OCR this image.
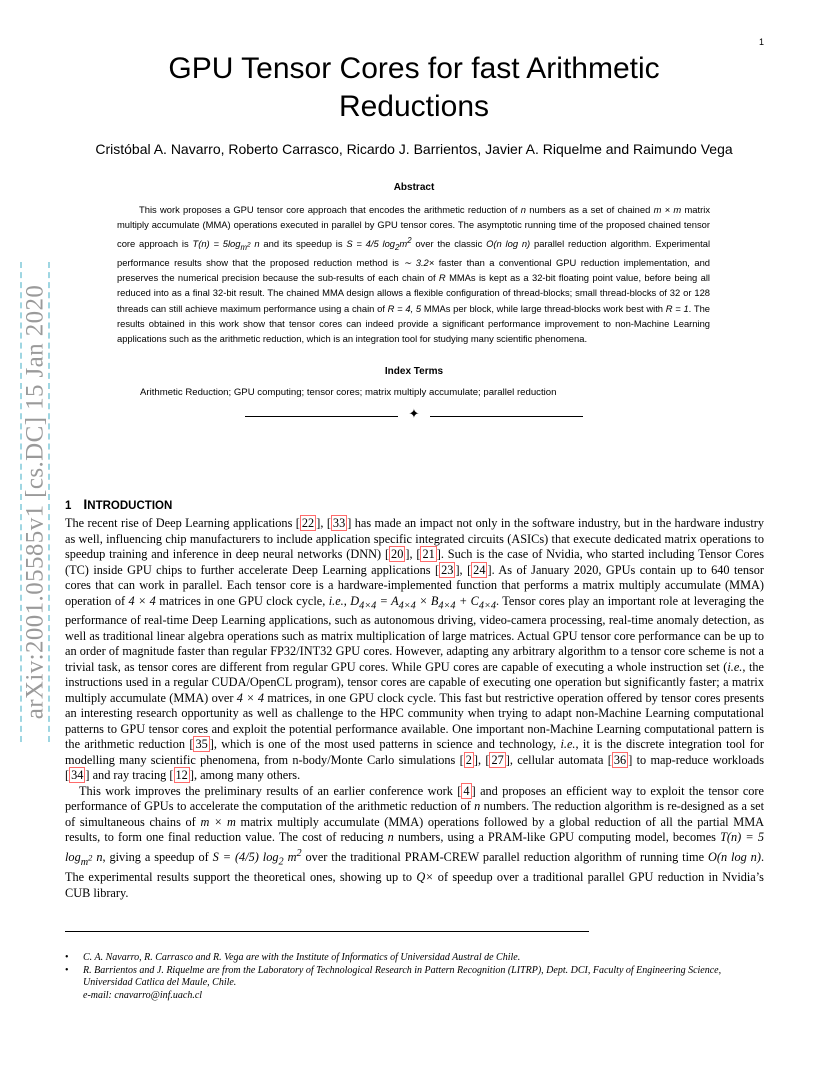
1
arXiv:2001.05585v1 [cs.DC] 15 Jan 2020
GPU Tensor Cores for fast Arithmetic Reductions
Cristóbal A. Navarro, Roberto Carrasco, Ricardo J. Barrientos, Javier A. Riquelme and Raimundo Vega
Abstract

This work proposes a GPU tensor core approach that encodes the arithmetic reduction of n numbers as a set of chained m × m matrix multiply accumulate (MMA) operations executed in parallel by GPU tensor cores. The asymptotic running time of the proposed chained tensor core approach is $T(n) = 5\log_{m^2}$ n and its speedup is S = 4/5 $\log_2m^2$ over the classic O(n log n) parallel reduction algorithm. Experimental performance results show that the proposed reduction method is ∼ 3.2× faster than a conventional GPU reduction implementation, and preserves the numerical precision because the sub-results of each chain of R MMAs is kept as a 32-bit floating point value, before being all reduced into as a final 32-bit result. The chained MMA design allows a flexible configuration of thread-blocks; small thread-blocks of 32 or 128 threads can still achieve maximum performance using a chain of R = 4, 5 MMAs per block, while large thread-blocks work best with R = 1. The results obtained in this work show that tensor cores can indeed provide a significant performance improvement to non-Machine Learning applications such as the arithmetic reduction, which is an integration tool for studying many scientific phenomena.

Index Terms
Arithmetic Reduction; GPU computing; tensor cores; matrix multiply accumulate; parallel reduction
✦
1 INTRODUCTION

The recent rise of Deep Learning applications [ 22 ] , [ 33 ] has made an impact not only in the software industry, but in the hardware industry as well, influencing chip manufacturers to include application specific integrated circuits (ASICs) that execute dedicated matrix operations to speedup training and inference in deep neural networks (DNN) [ 20 ] , [ 21 ] . Such is the case of Nvidia, who started including Tensor Cores (TC) inside GPU chips to further accelerate Deep Learning applications [ 23 ] , [ 24 ] . As of January 2020, GPUs contain up to 640 tensor cores that can work in parallel. Each tensor core is a hardware-implemented function that performs a matrix multiply accumulate (MMA) operation of 4 × 4 matrices in one GPU clock cycle, i.e., $D_{4\times 4} = A_{4\times 4} \times B_{4\times 4} + C_{4\times 4}$. Tensor cores play an important role at leveraging the performance of real-time Deep Learning applications, such as autonomous driving, video-camera processing, real-time anomaly detection, as well as traditional linear algebra operations such as matrix multiplication of large matrices. Actual GPU tensor core performance can be up to an order of magnitude faster than regular FP32/INT32 GPU cores. However, adapting any arbitrary algorithm to a tensor core scheme is not a trivial task, as tensor cores are different from regular GPU cores. While GPU cores are capable of executing a whole instruction set (i.e., the instructions used in a regular CUDA/OpenCL program), tensor cores are capable of executing one operation but significantly faster; a matrix multiply accumulate (MMA) over 4 × 4 matrices, in one GPU clock cycle. This fast but restrictive operation offered by tensor cores presents an interesting research opportunity as well as challenge to the HPC community when trying to adapt non-Machine Learning computational patterns to GPU tensor cores and exploit the potential performance available. One important non-Machine Learning computational pattern is the arithmetic reduction [ 35 ] , which is one of the most used patterns in science and technology, i.e., it is the discrete integration tool for modelling many scientific phenomena, from n-body/Monte Carlo simulations [ 2 ] , [ 27 ] , cellular automata [ 36 ] to map-reduce workloads [ 34 ] and ray tracing [ 12 ] , among many others.

This work improves the preliminary results of an earlier conference work [ 4 ] and proposes an efficient way to exploit the tensor core performance of GPUs to accelerate the computation of the arithmetic reduction of n numbers. The reduction algorithm is re-designed as a set of simultaneous chains of m × m matrix multiply accumulate (MMA) operations followed by a global reduction of all the partial MMA results, to form one final reduction value. The cost of reducing n numbers, using a PRAM-like GPU computing model, becomes T(n) = 5 $\log_{m^2} n$, giving a speedup of S = (4/5) $\log_2 m^2$ over the traditional PRAM-CREW parallel reduction algorithm of running time O(n log n). The experimental results support the theoretical ones, showing up to Q× of speedup over a traditional parallel GPU reduction in Nvidia’s CUB library.

• C. A. Navarro, R. Carrasco and R. Vega are with the Institute of Informatics of Universidad Austral de Chile.
• R. Barrientos and J. Riquelme are from the Laboratory of Technological Research in Pattern Recognition (LITRP), Dept. DCI, Faculty of Engineering Science, Universidad Catlica del Maule, Chile.
e-mail: cnavarro@inf.uach.cl
